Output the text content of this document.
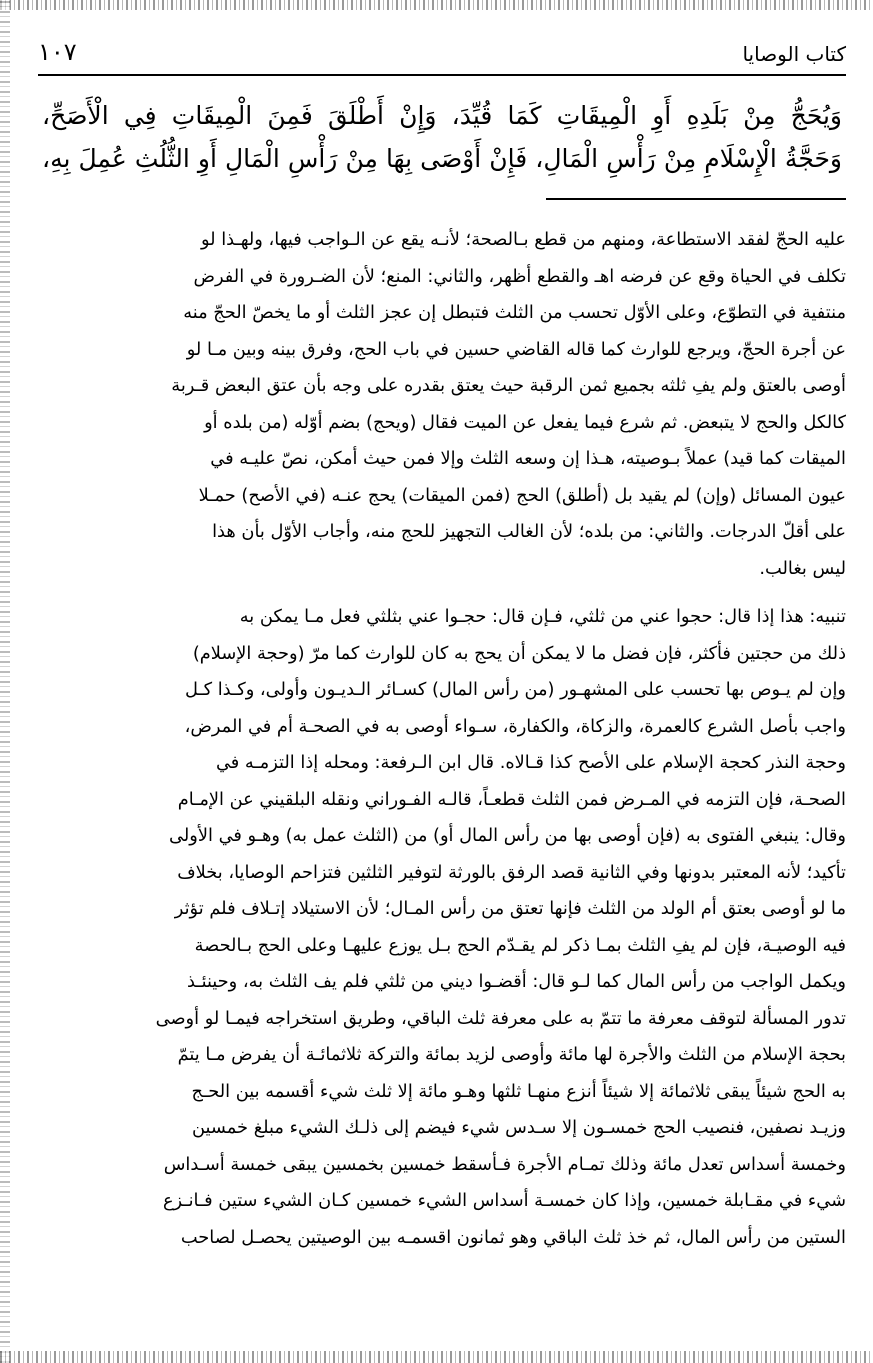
كتاب الوصايا
١٠٧

وَيُحَجُّ مِنْ بَلَدِهِ أَوِ الْمِيقَاتِ كَمَا قُيِّدَ، وَإِنْ أَطْلَقَ فَمِنَ الْمِيقَاتِ فِي الْأَصَحِّ،

وَحَجَّةُ الْإِسْلَامِ مِنْ رَأْسِ الْمَالِ، فَإِنْ أَوْصَى بِهَا مِنْ رَأْسِ الْمَالِ أَوِ الثُّلُثِ عُمِلَ بِهِ،

عليه الحجّ لفقد الاستطاعة، ومنهم من قطع بـالصحة؛ لأنـه يقع عن الـواجب فيها، ولهـذا لو

تكلف في الحياة وقع عن فرضه اهـ والقطع أظهر، والثاني: المنع؛ لأن الضـرورة في الفرض

منتفية في التطوّع، وعلى الأوّل تحسب من الثلث فتبطل إن عجز الثلث أو ما يخصّ الحجّ منه

عن أجرة الحجّ، ويرجع للوارث كما قاله القاضي حسين في باب الحج، وفرق بينه وبين مـا لو

أوصى بالعتق ولم يفِ ثلثه بجميع ثمن الرقبة حيث يعتق بقدره على وجه بأن عتق البعض قـربة

كالكل والحج لا يتبعض. ثم شرع فيما يفعل عن الميت فقال (ويحج) بضم أوّله (من بلده أو

الميقات كما قيد) عملاً بـوصيته، هـذا إن وسعه الثلث وإلا فمن حيث أمكن، نصّ عليـه في

عيون المسائل (وإن) لم يقيد بل (أطلق) الحج (فمن الميقات) يحج عنـه (في الأصح) حمـلا

على أقلّ الدرجات. والثاني: من بلده؛ لأن الغالب التجهيز للحج منه، وأجاب الأوّل بأن هذا

ليس بغالب.

تنبيه: هذا إذا قال: حجوا عني من ثلثي، فـإن قال: حجـوا عني بثلثي فعل مـا يمكن به

ذلك من حجتين فأكثر، فإن فضل ما لا يمكن أن يحج به كان للوارث كما مرّ (وحجة الإسلام)

وإن لم يـوص بها تحسب على المشهـور (من رأس المال) كسـائر الـديـون وأولى، وكـذا كـل

واجب بأصل الشرع كالعمرة، والزكاة، والكفارة، سـواء أوصى به في الصحـة أم في المرض،

وحجة النذر كحجة الإسلام على الأصح كذا قـالاه. قال ابن الـرفعة: ومحله إذا التزمـه في

الصحـة، فإن التزمه في المـرض فمن الثلث قطعـاً، قالـه الفـوراني ونقله البلقيني عن الإمـام

وقال: ينبغي الفتوى به (فإن أوصى بها من رأس المال أو) من (الثلث عمل به) وهـو في الأولى

تأكيد؛ لأنه المعتبر بدونها وفي الثانية قصد الرفق بالورثة لتوفير الثلثين فتزاحم الوصايا، بخلاف

ما لو أوصى بعتق أم الولد من الثلث فإنها تعتق من رأس المـال؛ لأن الاستيلاد إتـلاف فلم تؤثر

فيه الوصيـة، فإن لم يفِ الثلث بمـا ذكر لم يقـدّم الحج بـل يوزع عليهـا وعلى الحج بـالحصة

ويكمل الواجب من رأس المال كما لـو قال: أقضـوا ديني من ثلثي فلم يف الثلث به، وحينئـذ

تدور المسألة لتوقف معرفة ما تتمّ به على معرفة ثلث الباقي، وطريق استخراجه فيمـا لو أوصى

بحجة الإسلام من الثلث والأجرة لها مائة وأوصى لزيد بمائة والتركة ثلاثمائـة أن يفرض مـا يتمّ

به الحج شيئاً يبقى ثلاثمائة إلا شيئاً أنزع منهـا ثلثها وهـو مائة إلا ثلث شيء أقسمه بين الحـج

وزيـد نصفين، فنصيب الحج خمسـون إلا سـدس شيء فيضم إلى ذلـك الشيء مبلغ خمسين

وخمسة أسداس تعدل مائة وذلك تمـام الأجرة فـأسقط خمسين بخمسين يبقى خمسة أسـداس

شيء في مقـابلة خمسين، وإذا كان خمسـة أسداس الشيء خمسين كـان الشيء ستين فـانـزع

الستين من رأس المال، ثم خذ ثلث الباقي وهو ثمانون اقسمـه بين الوصيتين يحصـل لصاحب
